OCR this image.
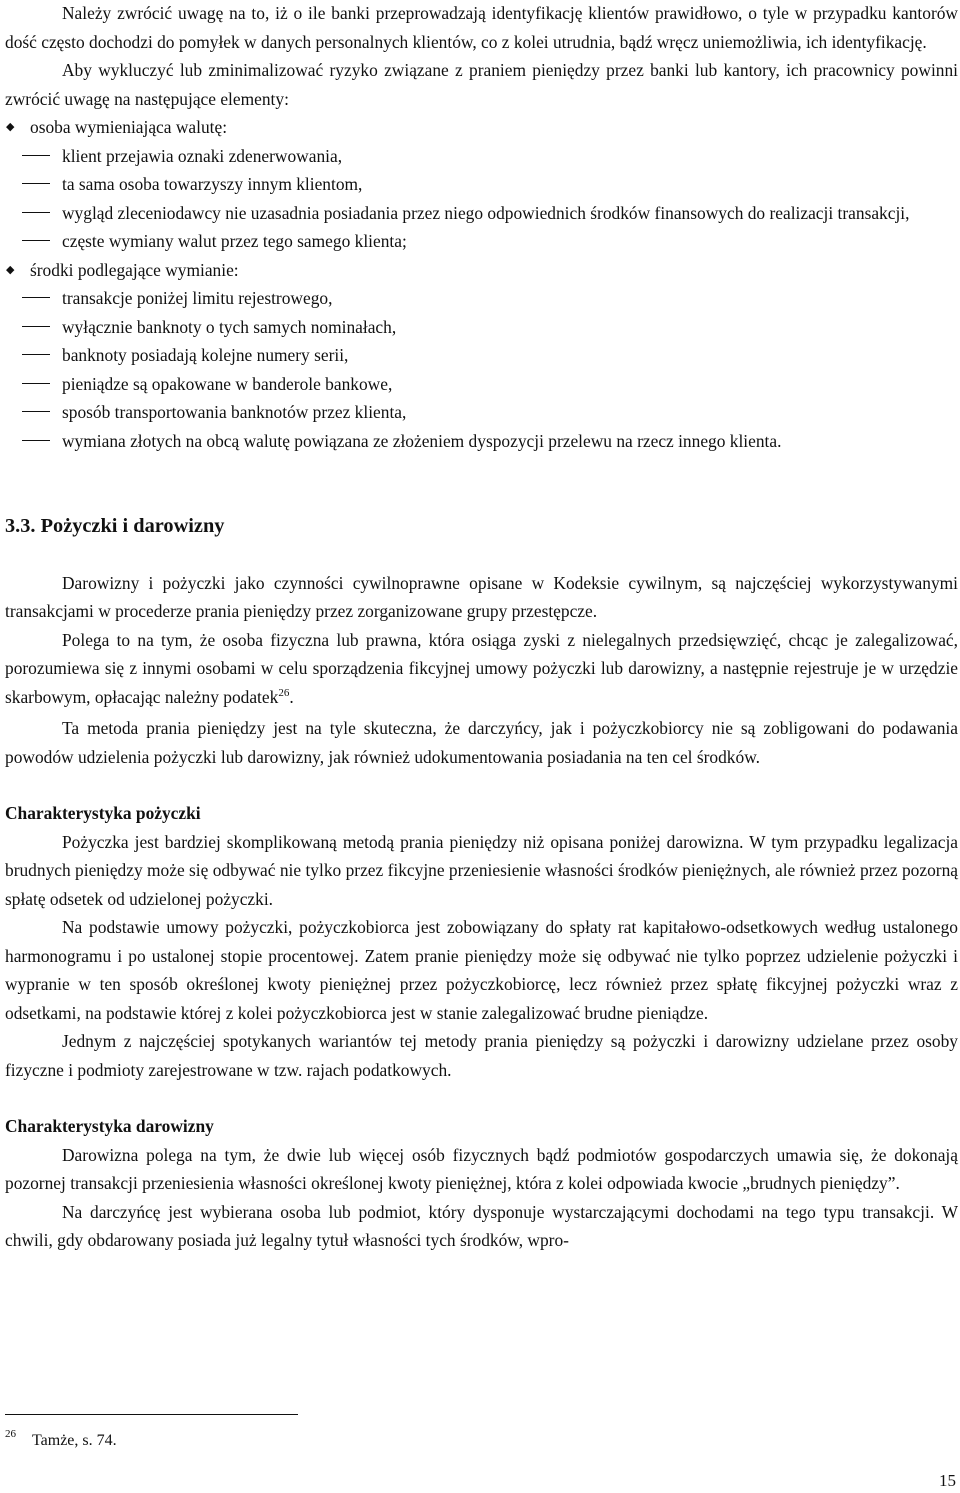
Należy zwrócić uwagę na to, iż o ile banki przeprowadzają identyfikację klientów prawidłowo, o tyle w przypadku kantorów dość często dochodzi do pomyłek w danych personalnych klientów, co z kolei utrudnia, bądź wręcz uniemożliwia, ich identyfikację.

Aby wykluczyć lub zminimalizować ryzyko związane z praniem pieniędzy przez banki lub kantory, ich pracownicy powinni zwrócić uwagę na następujące elementy:

◆ osoba wymieniająca walutę:
klient przejawia oznaki zdenerwowania,
ta sama osoba towarzyszy innym klientom,
wygląd zleceniodawcy nie uzasadnia posiadania przez niego odpowiednich środków finansowych do realizacji transakcji,
częste wymiany walut przez tego samego klienta;
◆ środki podlegające wymianie:
transakcje poniżej limitu rejestrowego,
wyłącznie banknoty o tych samych nominałach,
banknoty posiadają kolejne numery serii,
pieniądze są opakowane w banderole bankowe,
sposób transportowania banknotów przez klienta,
wymiana złotych na obcą walutę powiązana ze złożeniem dyspozycji przelewu na rzecz innego klienta.
3.3. Pożyczki i darowizny

Darowizny i pożyczki jako czynności cywilnoprawne opisane w Kodeksie cywilnym, są najczęściej wykorzystywanymi transakcjami w procederze prania pieniędzy przez zorganizowane grupy przestępcze.

Polega to na tym, że osoba fizyczna lub prawna, która osiąga zyski z nielegalnych przedsięwzięć, chcąc je zalegalizować, porozumiewa się z innymi osobami w celu sporządzenia fikcyjnej umowy pożyczki lub darowizny, a następnie rejestruje je w urzędzie skarbowym, opłacając należny podatek$^{26}$.

Ta metoda prania pieniędzy jest na tyle skuteczna, że darczyńcy, jak i pożyczkobiorcy nie są zobligowani do podawania powodów udzielenia pożyczki lub darowizny, jak również udokumentowania posiadania na ten cel środków.

Charakterystyka pożyczki

Pożyczka jest bardziej skomplikowaną metodą prania pieniędzy niż opisana poniżej darowizna. W tym przypadku legalizacja brudnych pieniędzy może się odbywać nie tylko przez fikcyjne przeniesienie własności środków pieniężnych, ale również przez pozorną spłatę odsetek od udzielonej pożyczki.

Na podstawie umowy pożyczki, pożyczkobiorca jest zobowiązany do spłaty rat kapitałowo-odsetkowych według ustalonego harmonogramu i po ustalonej stopie procentowej. Zatem pranie pieniędzy może się odbywać nie tylko poprzez udzielenie pożyczki i wypranie w ten sposób określonej kwoty pieniężnej przez pożyczkobiorcę, lecz również przez spłatę fikcyjnej pożyczki wraz z odsetkami, na podstawie której z kolei pożyczkobiorca jest w stanie zalegalizować brudne pieniądze.

Jednym z najczęściej spotykanych wariantów tej metody prania pieniędzy są pożyczki i darowizny udzielane przez osoby fizyczne i podmioty zarejestrowane w tzw. rajach podatkowych.

Charakterystyka darowizny

Darowizna polega na tym, że dwie lub więcej osób fizycznych bądź podmiotów gospodarczych umawia się, że dokonają pozornej transakcji przeniesienia własności określonej kwoty pieniężnej, która z kolei odpowiada kwocie „brudnych pieniędzy”.

Na darczyńcę jest wybierana osoba lub podmiot, który dysponuje wystarczającymi dochodami na tego typu transakcji. W chwili, gdy obdarowany posiada już legalny tytuł własności tych środków, wpro-

$^{26}$ Tamże, s. 74.
15
